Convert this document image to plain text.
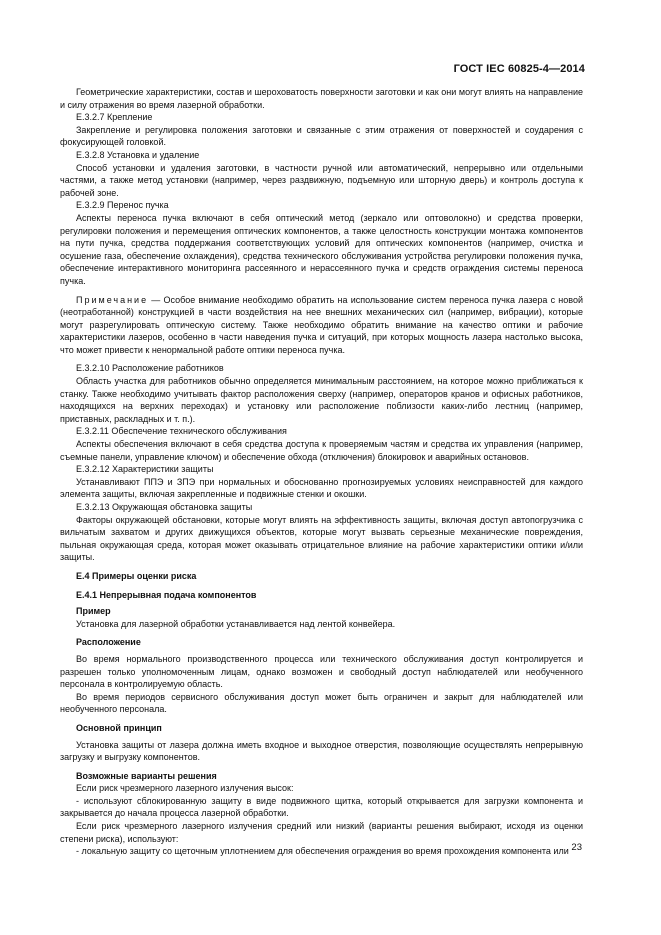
ГОСТ IEC 60825-4—2014

Геометрические характеристики, состав и шероховатость поверхности заготовки и как они могут влиять на направление и силу отражения во время лазерной обработки.

Е.3.2.7 Крепление

Закрепление и регулировка положения заготовки и связанные с этим отражения от поверхностей и соударения с фокусирующей головкой.

Е.3.2.8 Установка и удаление

Способ установки и удаления заготовки, в частности ручной или автоматический, непрерывно или отдельными частями, а также метод установки (например, через раздвижную, подъемную или шторную дверь) и контроль доступа к рабочей зоне.

Е.3.2.9 Перенос пучка

Аспекты переноса пучка включают в себя оптический метод (зеркало или оптоволокно) и средства проверки, регулировки положения и перемещения оптических компонентов, а также целостность конструкции монтажа компонентов на пути пучка, средства поддержания соответствующих условий для оптических компонентов (например, очистка и осушение газа, обеспечение охлаждения), средства технического обслуживания устройства регулировки положения пучка, обеспечение интерактивного мониторинга рассеянного и нерассеянного пучка и средств ограждения системы переноса пучка.

Примечание — Особое внимание необходимо обратить на использование систем переноса пучка лазера с новой (неотработанной) конструкцией в части воздействия на нее внешних механических сил (например, вибрации), которые могут разрегулировать оптическую систему. Также необходимо обратить внимание на качество оптики и рабочие характеристики лазеров, особенно в части наведения пучка и ситуаций, при которых мощность лазера настолько высока, что может привести к ненормальной работе оптики переноса пучка.

Е.3.2.10 Расположение работников

Область участка для работников обычно определяется минимальным расстоянием, на которое можно приближаться к станку. Также необходимо учитывать фактор расположения сверху (например, операторов кранов и офисных работников, находящихся на верхних переходах) и установку или расположение поблизости каких-либо лестниц (например, приставных, раскладных и т. п.).

Е.3.2.11 Обеспечение технического обслуживания

Аспекты обеспечения включают в себя средства доступа к проверяемым частям и средства их управления (например, съемные панели, управление ключом) и обеспечение обхода (отключения) блокировок и аварийных остановов.

Е.3.2.12 Характеристики защиты

Устанавливают ППЭ и ЗПЭ при нормальных и обоснованно прогнозируемых условиях неисправностей для каждого элемента защиты, включая закрепленные и подвижные стенки и окошки.

Е.3.2.13 Окружающая обстановка защиты

Факторы окружающей обстановки, которые могут влиять на эффективность защиты, включая доступ автопогрузчика с вильчатым захватом и других движущихся объектов, которые могут вызвать серьезные механические повреждения, пыльная окружающая среда, которая может оказывать отрицательное влияние на рабочие характеристики оптики и/или защиты.

Е.4 Примеры оценки риска

Е.4.1 Непрерывная подача компонентов

Пример

Установка для лазерной обработки устанавливается над лентой конвейера.

Расположение

Во время нормального производственного процесса или технического обслуживания доступ контролируется и разрешен только уполномоченным лицам, однако возможен и свободный доступ наблюдателей или необученного персонала в контролируемую область.

Во время периодов сервисного обслуживания доступ может быть ограничен и закрыт для наблюдателей или необученного персонала.

Основной принцип

Установка защиты от лазера должна иметь входное и выходное отверстия, позволяющие осуществлять непрерывную загрузку и выгрузку компонентов.

Возможные варианты решения

Если риск чрезмерного лазерного излучения высок:

- используют сблокированную защиту в виде подвижного щитка, который открывается для загрузки компонента и закрывается до начала процесса лазерной обработки.

Если риск чрезмерного лазерного излучения средний или низкий (варианты решения выбирают, исходя из оценки степени риска), используют:

- локальную защиту со щеточным уплотнением для обеспечения ограждения во время прохождения компонента или 23
